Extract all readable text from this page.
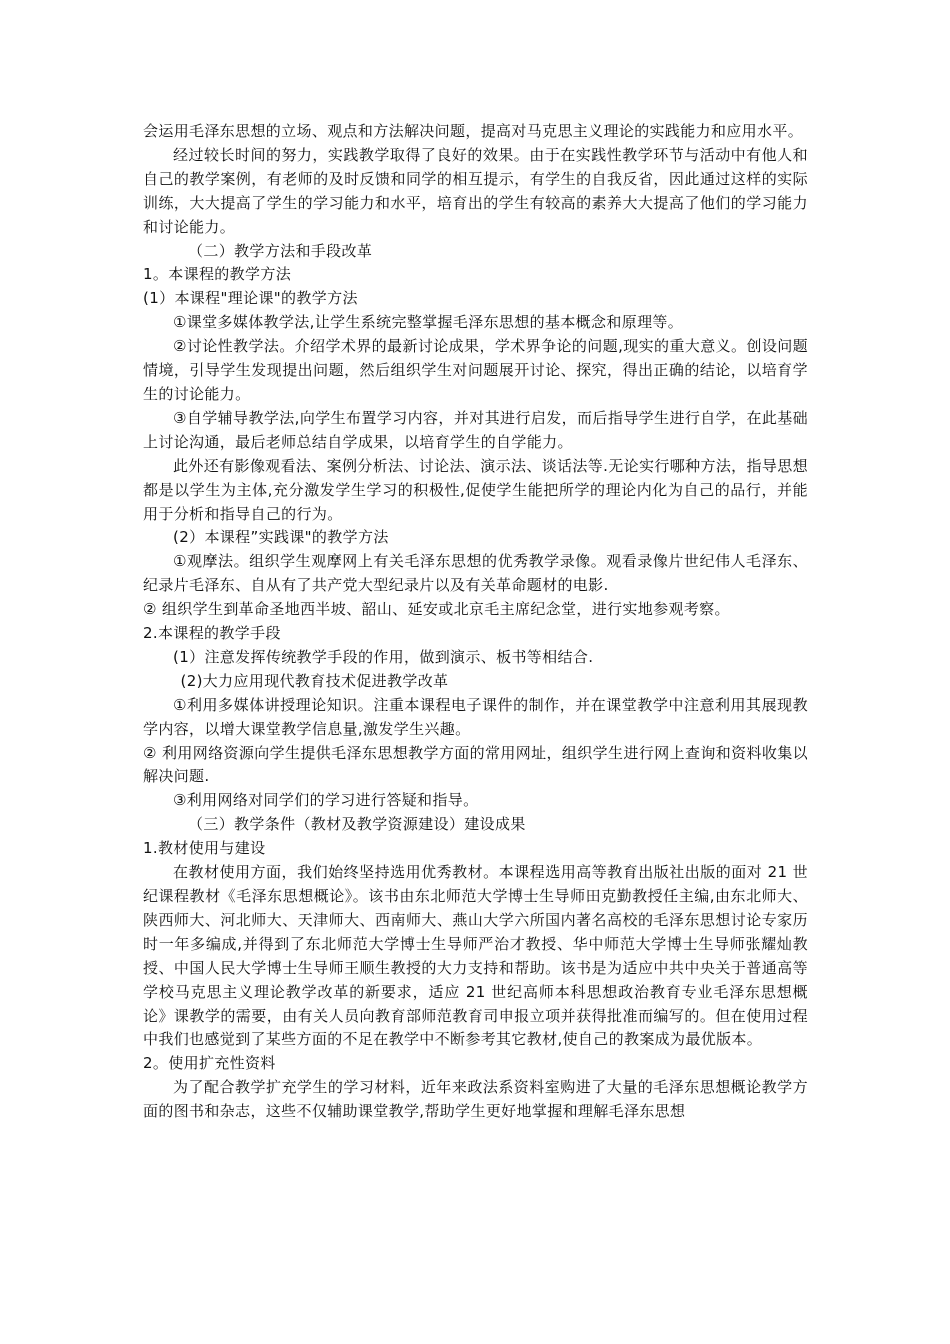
会运用毛泽东思想的立场、观点和方法解决问题，提高对马克思主义理论的实践能力和应用水平。

经过较长时间的努力，实践教学取得了良好的效果。由于在实践性教学环节与活动中有他人和自己的教学案例，有老师的及时反馈和同学的相互提示，有学生的自我反省，因此通过这样的实际训练，大大提高了学生的学习能力和水平，培育出的学生有较高的素养大大提高了他们的学习能力和讨论能力。

（二）教学方法和手段改革

1。本课程的教学方法

(1）本课程"理论课"的教学方法

①课堂多媒体教学法,让学生系统完整掌握毛泽东思想的基本概念和原理等。

②讨论性教学法。介绍学术界的最新讨论成果，学术界争论的问题,现实的重大意义。创设问题情境，引导学生发现提出问题，然后组织学生对问题展开讨论、探究，得出正确的结论，以培育学生的讨论能力。

③自学辅导教学法,向学生布置学习内容，并对其进行启发，而后指导学生进行自学，在此基础上讨论沟通，最后老师总结自学成果，以培育学生的自学能力。

此外还有影像观看法、案例分析法、讨论法、演示法、谈话法等.无论实行哪种方法，指导思想都是以学生为主体,充分激发学生学习的积极性,促使学生能把所学的理论内化为自己的品行，并能用于分析和指导自己的行为。

(2）本课程”实践课"的教学方法

①观摩法。组织学生观摩网上有关毛泽东思想的优秀教学录像。观看录像片世纪伟人毛泽东、纪录片毛泽东、自从有了共产党大型纪录片以及有关革命题材的电影.

② 组织学生到革命圣地西半坡、韶山、延安或北京毛主席纪念堂，进行实地参观考察。

2.本课程的教学手段

(1）注意发挥传统教学手段的作用，做到演示、板书等相结合.

(2)大力应用现代教育技术促进教学改革

①利用多媒体讲授理论知识。注重本课程电子课件的制作，并在课堂教学中注意利用其展现教学内容，以增大课堂教学信息量,激发学生兴趣。

② 利用网络资源向学生提供毛泽东思想教学方面的常用网址，组织学生进行网上查询和资料收集以解决问题.

③利用网络对同学们的学习进行答疑和指导。

（三）教学条件（教材及教学资源建设）建设成果

1.教材使用与建设

在教材使用方面，我们始终坚持选用优秀教材。本课程选用高等教育出版社出版的面对 21 世纪课程教材《毛泽东思想概论》。该书由东北师范大学博士生导师田克勤教授任主编,由东北师大、陕西师大、河北师大、天津师大、西南师大、燕山大学六所国内著名高校的毛泽东思想讨论专家历时一年多编成,并得到了东北师范大学博士生导师严治才教授、华中师范大学博士生导师张耀灿教授、中国人民大学博士生导师王顺生教授的大力支持和帮助。该书是为适应中共中央关于普通高等学校马克思主义理论教学改革的新要求，适应 21 世纪高师本科思想政治教育专业毛泽东思想概论》课教学的需要，由有关人员向教育部师范教育司申报立项并获得批准而编写的。但在使用过程中我们也感觉到了某些方面的不足在教学中不断参考其它教材,使自己的教案成为最优版本。

2。使用扩充性资料

为了配合教学扩充学生的学习材料，近年来政法系资料室购进了大量的毛泽东思想概论教学方面的图书和杂志，这些不仅辅助课堂教学,帮助学生更好地掌握和理解毛泽东思想
